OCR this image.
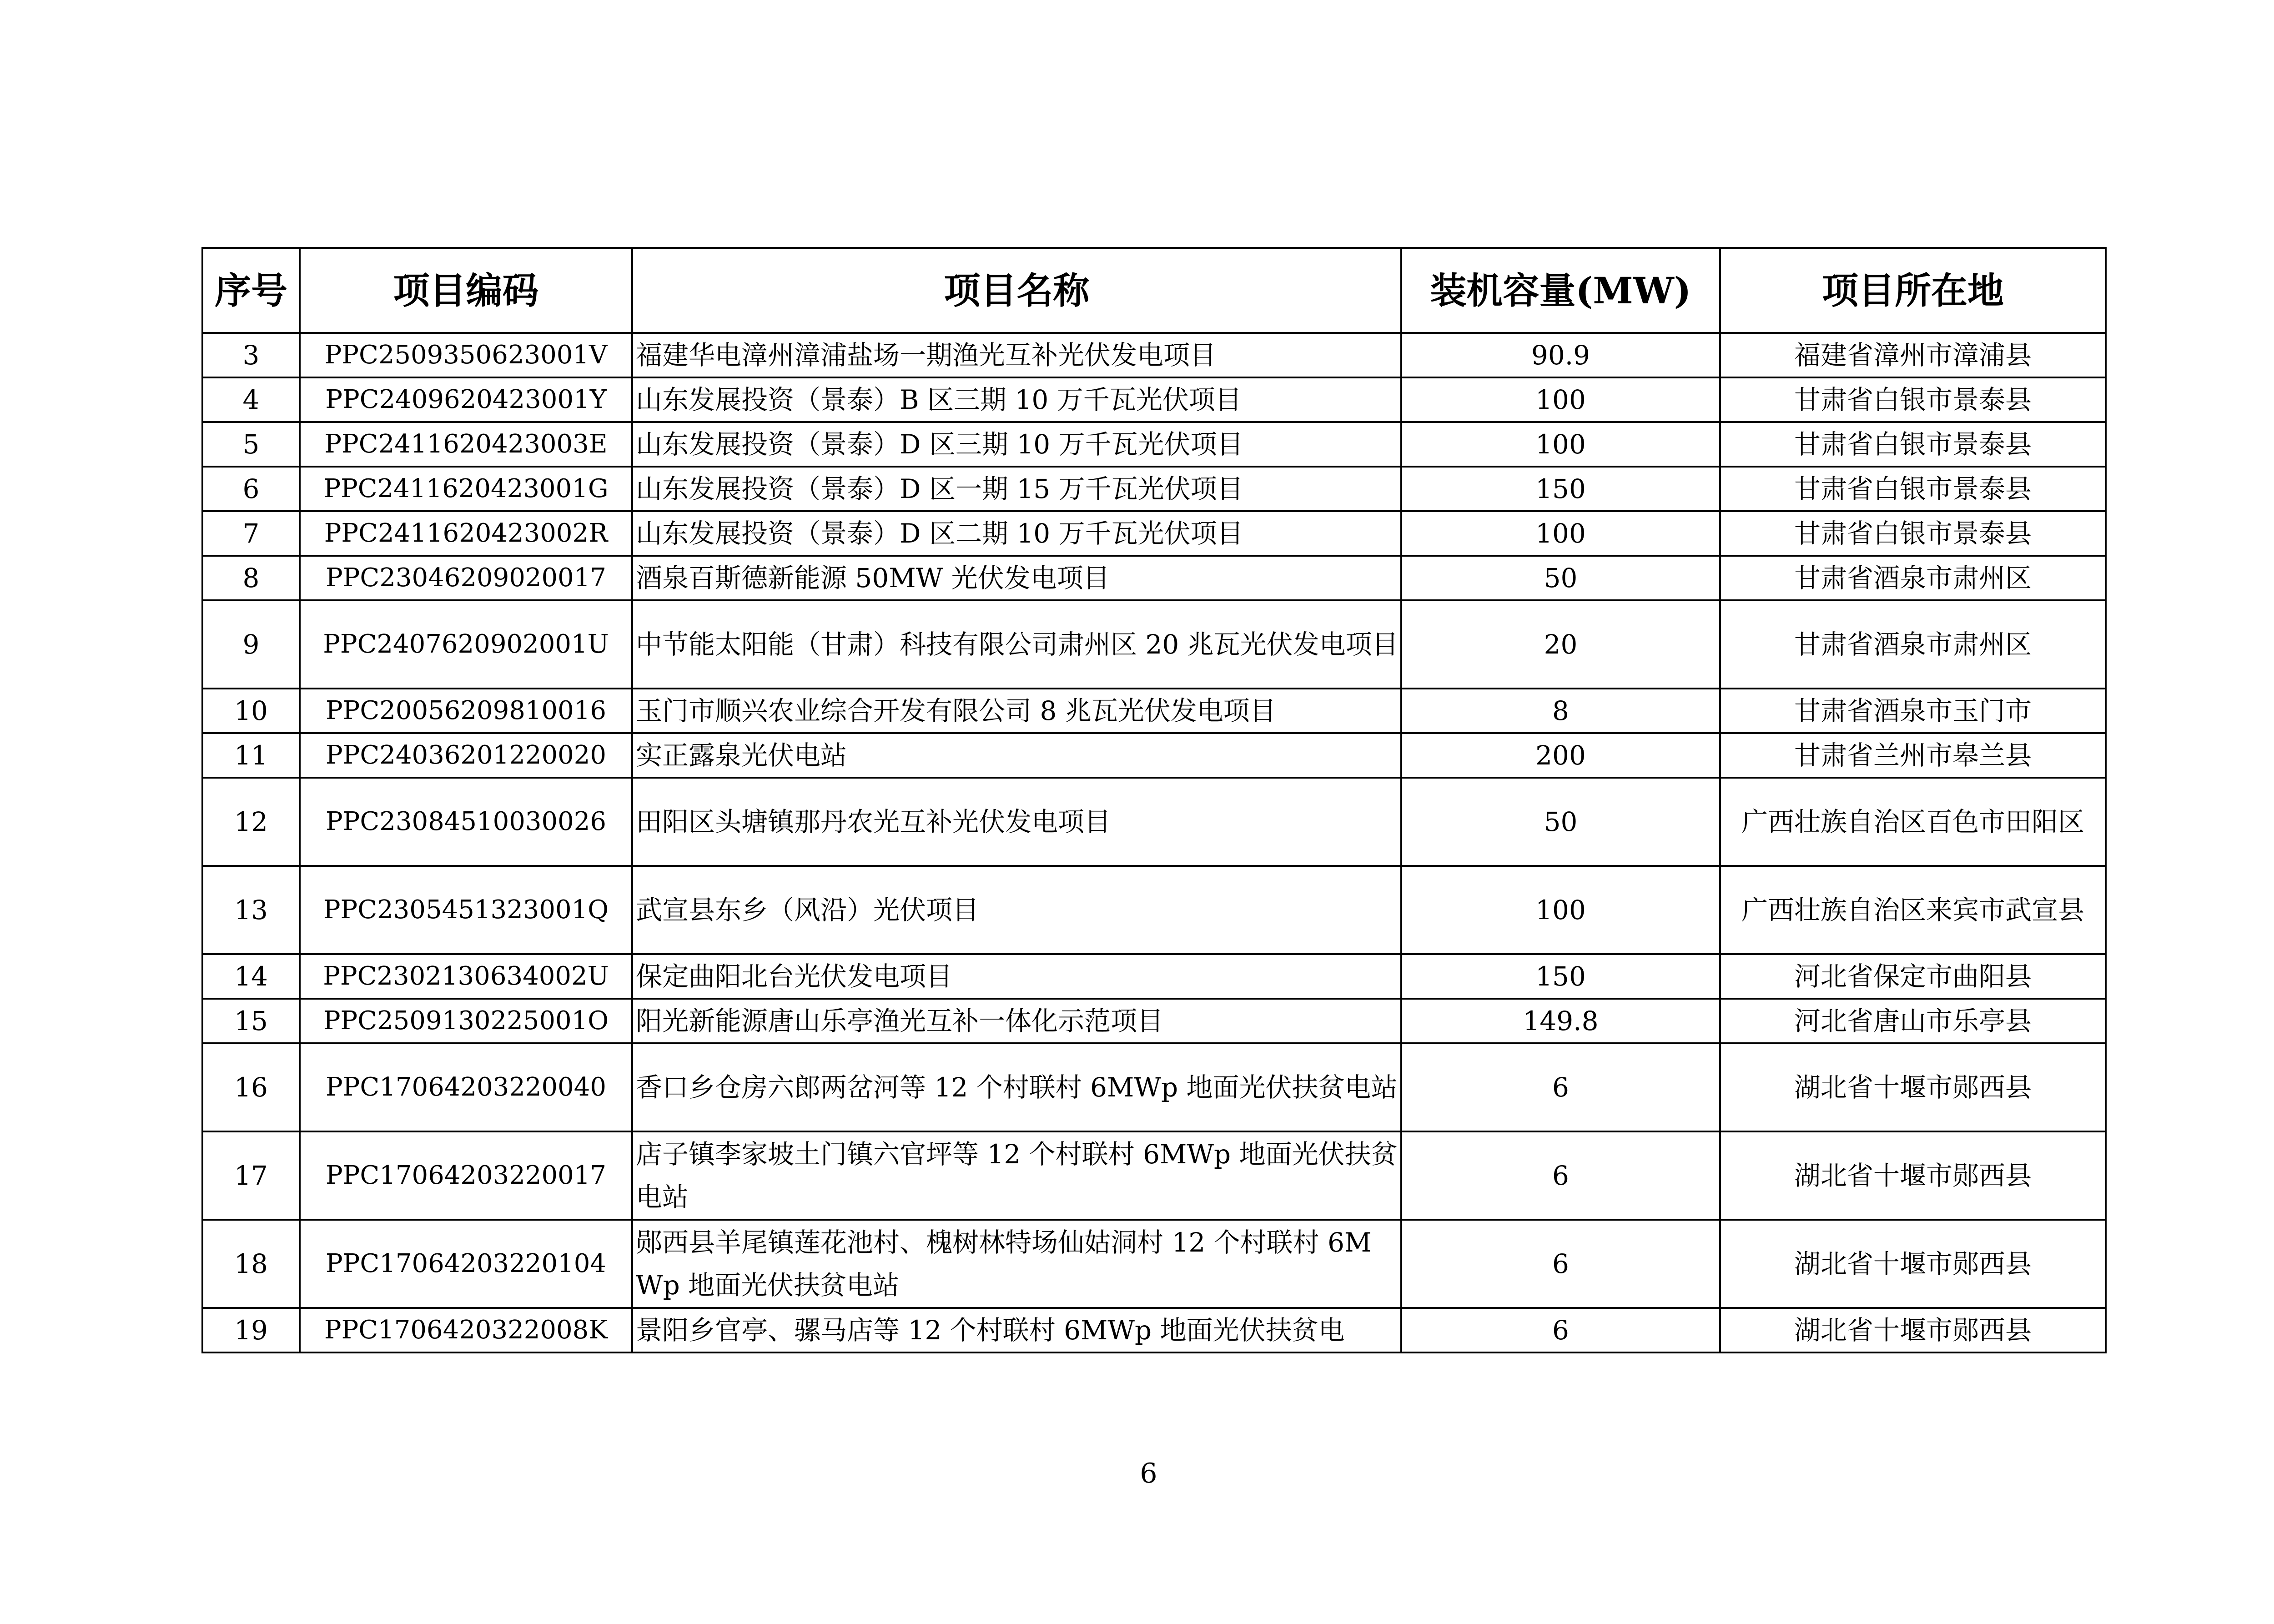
序号	项目编码	项目名称	装机容量(MW)	项目所在地
3	PPC2509350623001V	福建华电漳州漳浦盐场一期渔光互补光伏发电项目	90.9	福建省漳州市漳浦县
4	PPC2409620423001Y	山东发展投资（景泰）B 区三期 10 万千瓦光伏项目	100	甘肃省白银市景泰县
5	PPC2411620423003E	山东发展投资（景泰）D 区三期 10 万千瓦光伏项目	100	甘肃省白银市景泰县
6	PPC2411620423001G	山东发展投资（景泰）D 区一期 15 万千瓦光伏项目	150	甘肃省白银市景泰县
7	PPC2411620423002R	山东发展投资（景泰）D 区二期 10 万千瓦光伏项目	100	甘肃省白银市景泰县
8	PPC23046209020017	酒泉百斯德新能源 50MW 光伏发电项目	50	甘肃省酒泉市肃州区
9	PPC2407620902001U	中节能太阳能（甘肃）科技有限公司肃州区 20 兆瓦光伏发电项目	20	甘肃省酒泉市肃州区
10	PPC20056209810016	玉门市顺兴农业综合开发有限公司 8 兆瓦光伏发电项目	8	甘肃省酒泉市玉门市
11	PPC24036201220020	实正露泉光伏电站	200	甘肃省兰州市皋兰县
12	PPC23084510030026	田阳区头塘镇那丹农光互补光伏发电项目	50	广西壮族自治区百色市田阳区
13	PPC2305451323001Q	武宣县东乡（风沿）光伏项目	100	广西壮族自治区来宾市武宣县
14	PPC2302130634002U	保定曲阳北台光伏发电项目	150	河北省保定市曲阳县
15	PPC2509130225001O	阳光新能源唐山乐亭渔光互补一体化示范项目	149.8	河北省唐山市乐亭县
16	PPC17064203220040	香口乡仓房六郎两岔河等 12 个村联村 6MWp 地面光伏扶贫电站	6	湖北省十堰市郧西县
17	PPC17064203220017	店子镇李家坡土门镇六官坪等 12 个村联村 6MWp 地面光伏扶贫电站	6	湖北省十堰市郧西县
18	PPC17064203220104	郧西县羊尾镇莲花池村、槐树林特场仙姑洞村 12 个村联村 6MWp 地面光伏扶贫电站	6	湖北省十堰市郧西县
19	PPC1706420322008K	景阳乡官亭、骡马店等 12 个村联村 6MWp 地面光伏扶贫电	6	湖北省十堰市郧西县
6
